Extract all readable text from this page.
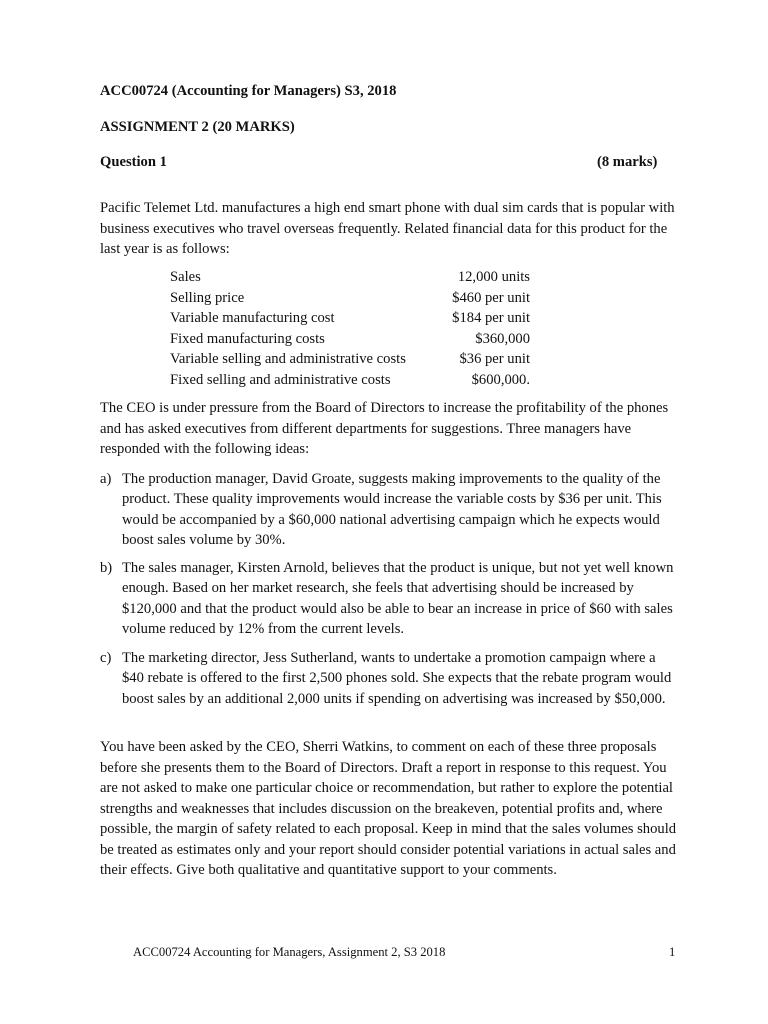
ACC00724 (Accounting for Managers) S3, 2018
ASSIGNMENT 2 (20 MARKS)
Question 1	(8 marks)
Pacific Telemet Ltd. manufactures a high end smart phone with dual sim cards that is popular with business executives who travel overseas frequently. Related financial data for this product for the last year is as follows:
Sales	12,000 units
Selling price	$460 per unit
Variable manufacturing cost	$184 per unit
Fixed manufacturing costs	$360,000
Variable selling and administrative costs	$36 per unit
Fixed selling and administrative costs	$600,000.
The CEO is under pressure from the Board of Directors to increase the profitability of the phones and has asked executives from different departments for suggestions. Three managers have responded with the following ideas:
a) The production manager, David Groate, suggests making improvements to the quality of the product. These quality improvements would increase the variable costs by $36 per unit. This would be accompanied by a $60,000 national advertising campaign which he expects would boost sales volume by 30%.
b) The sales manager, Kirsten Arnold, believes that the product is unique, but not yet well known enough. Based on her market research, she feels that advertising should be increased by $120,000 and that the product would also be able to bear an increase in price of $60 with sales volume reduced by 12% from the current levels.
c) The marketing director, Jess Sutherland, wants to undertake a promotion campaign where a $40 rebate is offered to the first 2,500 phones sold. She expects that the rebate program would boost sales by an additional 2,000 units if spending on advertising was increased by $50,000.
You have been asked by the CEO, Sherri Watkins, to comment on each of these three proposals before she presents them to the Board of Directors. Draft a report in response to this request. You are not asked to make one particular choice or recommendation, but rather to explore the potential strengths and weaknesses that includes discussion on the breakeven, potential profits and, where possible, the margin of safety related to each proposal. Keep in mind that the sales volumes should be treated as estimates only and your report should consider potential variations in actual sales and their effects. Give both qualitative and quantitative support to your comments.
ACC00724 Accounting for Managers, Assignment 2, S3 2018	1
